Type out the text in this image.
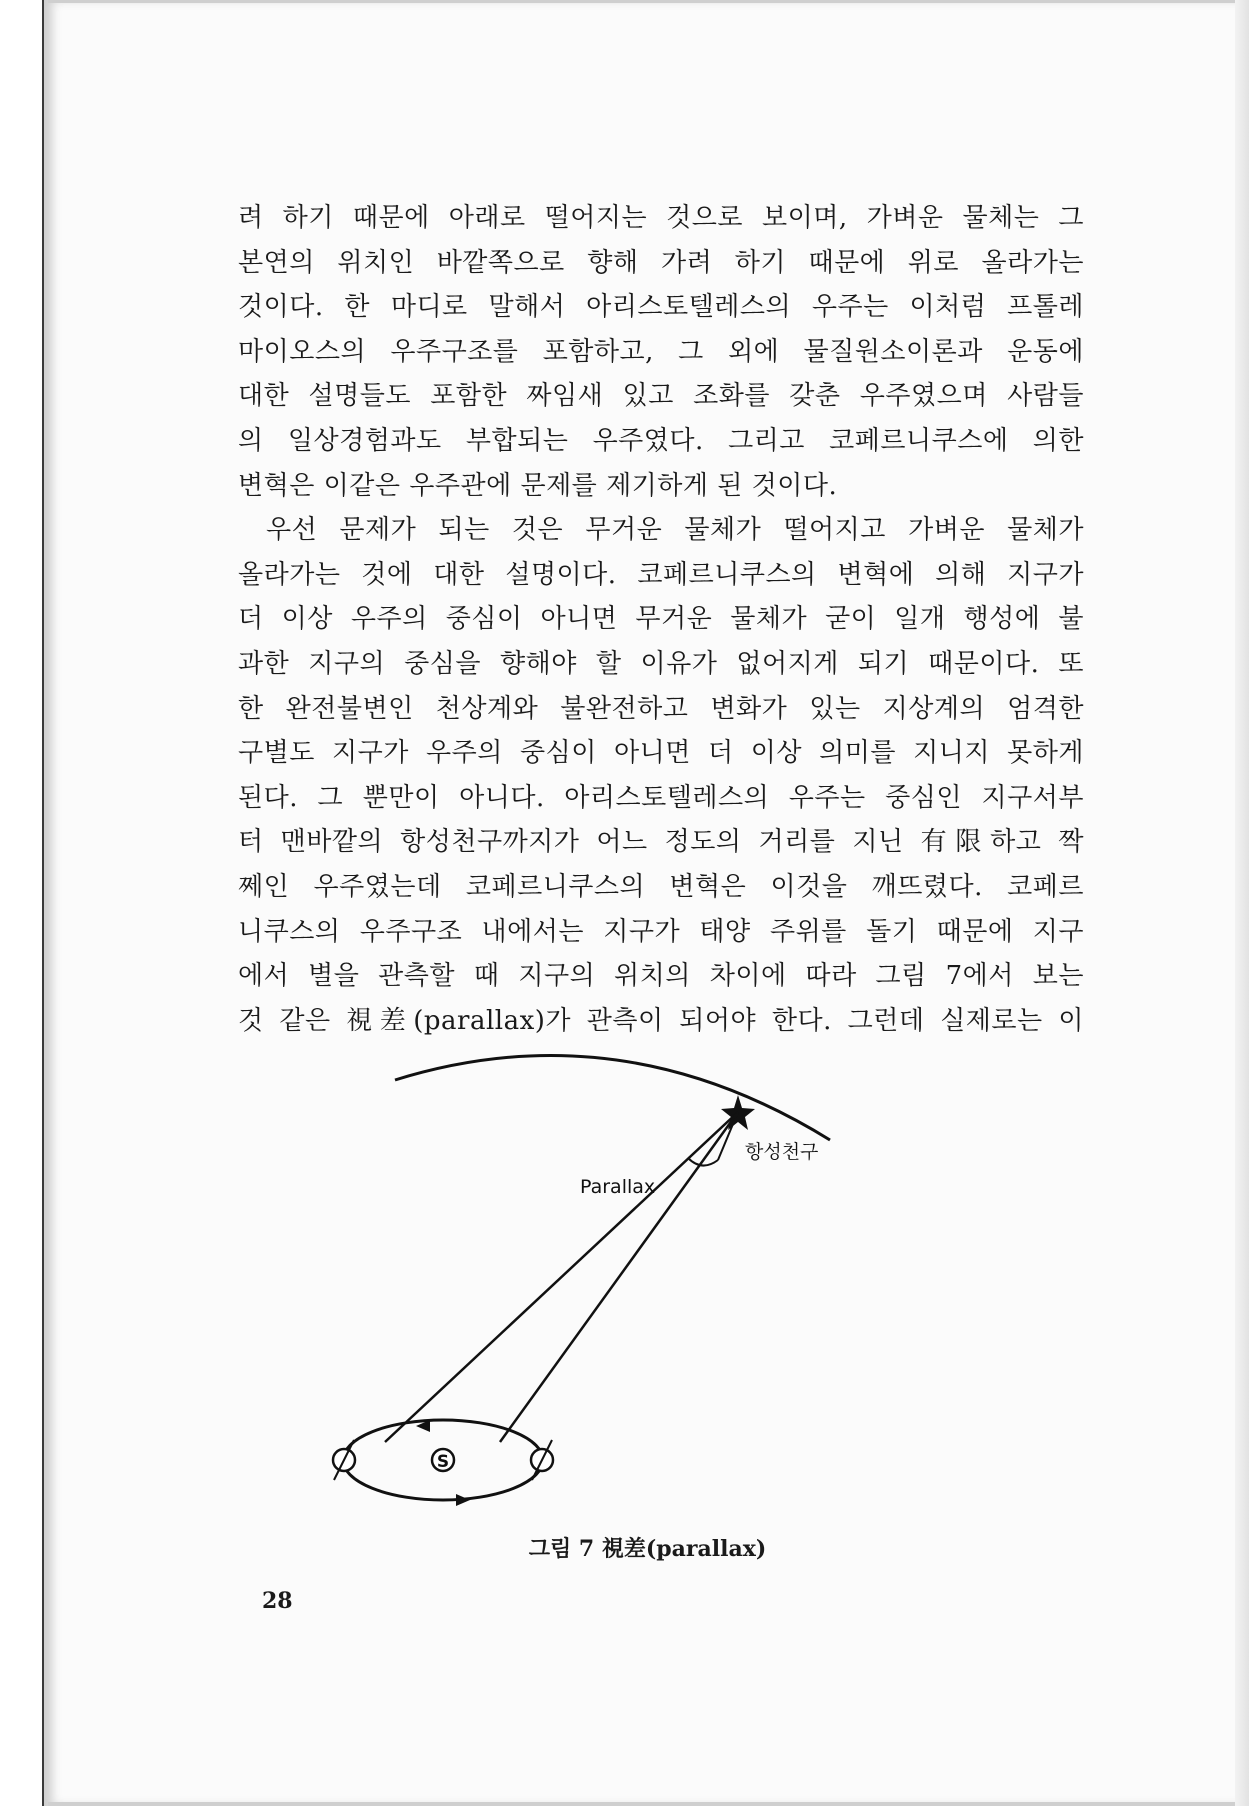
려 하기 때문에 아래로 떨어지는 것으로 보이며, 가벼운 물체는 그
본연의 위치인 바깥쪽으로 향해 가려 하기 때문에 위로 올라가는
것이다. 한 마디로 말해서 아리스토텔레스의 우주는 이처럼 프톨레
마이오스의 우주구조를 포함하고, 그 외에 물질원소이론과 운동에
대한 설명들도 포함한 짜임새 있고 조화를 갖춘 우주였으며 사람들
의 일상경험과도 부합되는 우주였다. 그리고 코페르니쿠스에 의한
변혁은 이같은 우주관에 문제를 제기하게 된 것이다.
우선 문제가 되는 것은 무거운 물체가 떨어지고 가벼운 물체가
올라가는 것에 대한 설명이다. 코페르니쿠스의 변혁에 의해 지구가
더 이상 우주의 중심이 아니면 무거운 물체가 굳이 일개 행성에 불
과한 지구의 중심을 향해야 할 이유가 없어지게 되기 때문이다. 또
한 완전불변인 천상계와 불완전하고 변화가 있는 지상계의 엄격한
구별도 지구가 우주의 중심이 아니면 더 이상 의미를 지니지 못하게
된다. 그 뿐만이 아니다. 아리스토텔레스의 우주는 중심인 지구서부
터 맨바깥의 항성천구까지가 어느 정도의 거리를 지닌 有限하고 짝
쩨인 우주였는데 코페르니쿠스의 변혁은 이것을 깨뜨렸다. 코페르
니쿠스의 우주구조 내에서는 지구가 태양 주위를 돌기 때문에 지구
에서 별을 관측할 때 지구의 위치의 차이에 따라 그림 7에서 보는
것 같은 視差(parallax)가 관측이 되어야 한다. 그런데 실제로는 이
항성천구
Parallax
S
그림 7 視差(parallax)
28
